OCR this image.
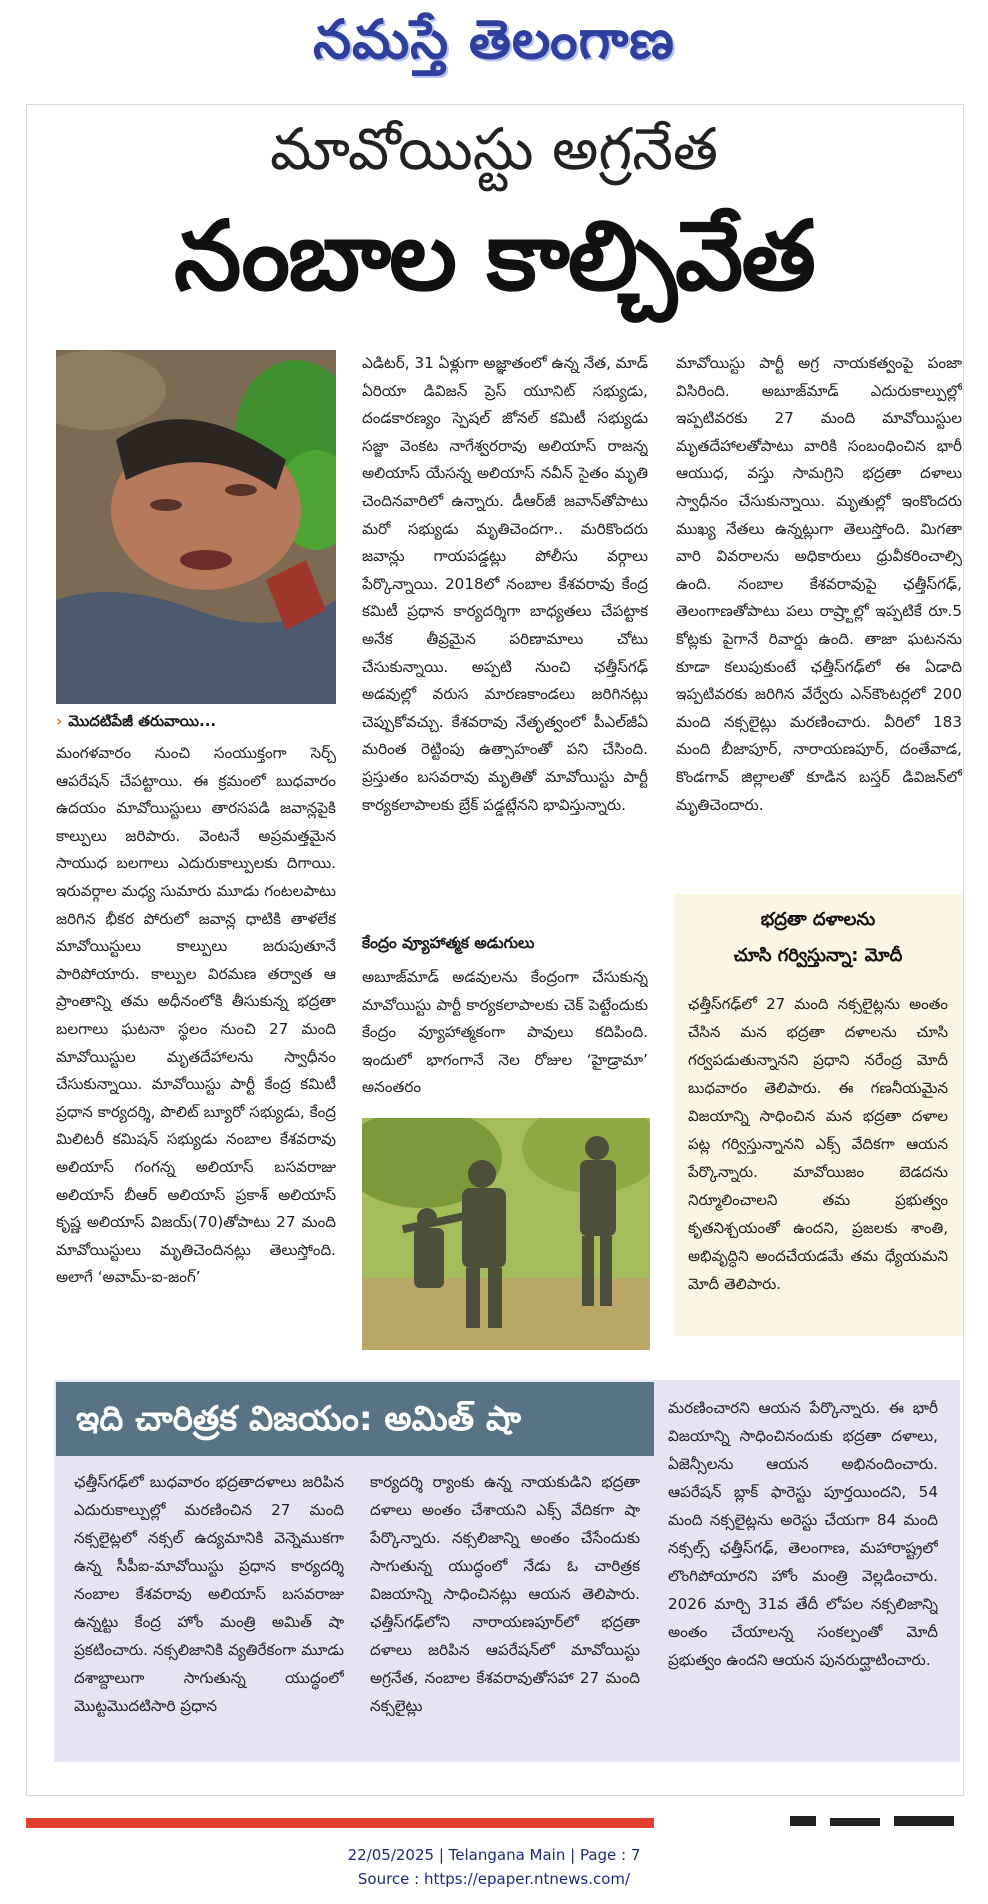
నమస్తే తెలంగాణ
మావోయిస్టు అగ్రనేత
నంబాల కాల్చివేత
› మొదటిపేజీ తరువాయి...

మంగళవారం నుంచి సంయుక్తంగా సెర్చ్ ఆపరేషన్ చేపట్టాయి. ఈ క్రమంలో బుధవారం ఉదయం మావోయిస్టులు తారసపడి జవాన్లపైకి కాల్పులు జరిపారు. వెంటనే అప్రమత్తమైన సాయుధ బలగాలు ఎదురుకాల్పులకు దిగాయి. ఇరువర్గాల మధ్య సుమారు మూడు గంటలపాటు జరిగిన భీకర పోరులో జవాన్ల ధాటికి తాళలేక మావోయిస్టులు కాల్పులు జరుపుతూనే పారిపోయారు. కాల్పుల విరమణ తర్వాత ఆ ప్రాంతాన్ని తమ అధీనంలోకి తీసుకున్న భద్రతా బలగాలు ఘటనా స్థలం నుంచి 27 మంది మావోయిస్టుల మృతదేహాలను స్వాధీనం చేసుకున్నాయి. మావోయిస్టు పార్టీ కేంద్ర కమిటీ ప్రధాన కార్యదర్శి, పొలిట్ బ్యూరో సభ్యుడు, కేంద్ర మిలిటరీ కమిషన్ సభ్యుడు నంబాల కేశవరావు అలియాస్ గంగన్న అలియాస్ బసవరాజు అలియాస్ బీఆర్ అలియాస్ ప్రకాశ్ అలియాస్ కృష్ణ అలియాస్ విజయ్(70)తోపాటు 27 మంది మావోయిస్టులు మృతిచెందినట్లు తెలుస్తోంది. అలాగే ‘అవామ్-ఐ-జంగ్’

ఎడిటర్, 31 ఏళ్లుగా అజ్ఞాతంలో ఉన్న నేత, మాడ్ ఏరియా డివిజన్ ప్రెస్ యూనిట్ సభ్యుడు, దండకారణ్యం స్పెషల్ జోనల్ కమిటీ సభ్యుడు సజ్జా వెంకట నాగేశ్వరరావు అలియాస్ రాజన్న అలియాస్ యేసన్న అలియాస్ నవీన్ సైతం మృతి చెందినవారిలో ఉన్నారు. డీఆర్‌జీ జవాన్‌తోపాటు మరో సభ్యుడు మృతిచెందగా.. మరికొందరు జవాన్లు గాయపడ్డట్లు పోలీసు వర్గాలు పేర్కొన్నాయి. 2018లో నంబాల కేశవరావు కేంద్ర కమిటీ ప్రధాన కార్యదర్శిగా బాధ్యతలు చేపట్టాక అనేక తీవ్రమైన పరిణామాలు చోటు చేసుకున్నాయి. అప్పటి నుంచి ఛత్తీస్‌గఢ్ అడవుల్లో వరుస మారణకాండలు జరిగినట్లు చెప్పుకోవచ్చు. కేశవరావు నేతృత్వంలో పీఎల్‌జీఏ మరింత రెట్టింపు ఉత్సాహంతో పని చేసింది. ప్రస్తుతం బసవరావు మృతితో మావోయిస్టు పార్టీ కార్యకలాపాలకు బ్రేక్ పడ్డట్లేనని భావిస్తున్నారు.

కేంద్రం వ్యూహాత్మక అడుగులు

అబూజ్‌మాడ్ అడవులను కేంద్రంగా చేసుకున్న మావోయిస్టు పార్టీ కార్యకలాపాలకు చెక్ పెట్టేందుకు కేంద్రం వ్యూహాత్మకంగా పావులు కదిపింది. ఇందులో భాగంగానే నెల రోజుల ‘హైడ్రామా’ అనంతరం

మావోయిస్టు పార్టీ అగ్ర నాయకత్వంపై పంజా విసిరింది. అబూజ్‌మాడ్ ఎదురుకాల్పుల్లో ఇప్పటివరకు 27 మంది మావోయిస్టుల మృతదేహాలతోపాటు వారికి సంబంధించిన భారీ ఆయుధ, వస్తు సామగ్రిని భద్రతా దళాలు స్వాధీనం చేసుకున్నాయి. మృతుల్లో ఇంకొందరు ముఖ్య నేతలు ఉన్నట్లుగా తెలుస్తోంది. మిగతా వారి వివరాలను అధికారులు ధ్రువీకరించాల్సి ఉంది. నంబాల కేశవరావుపై ఛత్తీస్‌గఢ్, తెలంగాణతోపాటు పలు రాష్ర్టాల్లో ఇప్పటికే రూ.5 కోట్లకు పైగానే రివార్డు ఉంది. తాజా ఘటనను కూడా కలుపుకుంటే ఛత్తీస్‌గఢ్‌లో ఈ ఏడాది ఇప్పటివరకు జరిగిన వేర్వేరు ఎన్‌కౌంటర్లలో 200 మంది నక్సలైట్లు మరణించారు. వీరిలో 183 మంది బీజాపూర్, నారాయణపూర్, దంతేవాడ, కొండగావ్ జిల్లాలతో కూడిన బస్తర్ డివిజన్‌లో మృతిచెందారు.

భద్రతా దళాలను
చూసి గర్విస్తున్నా: మోదీ
ఛత్తీస్‌గఢ్‌లో 27 మంది నక్సలైట్లను అంతం చేసిన మన భద్రతా దళాలను చూసి గర్వపడుతున్నానని ప్రధాని నరేంద్ర మోదీ బుధవారం తెలిపారు. ఈ గణనీయమైన విజయాన్ని సాధించిన మన భద్రతా దళాల పట్ల గర్విస్తున్నానని ఎక్స్ వేదికగా ఆయన పేర్కొన్నారు. మావోయిజం బెడదను నిర్మూలించాలని తమ ప్రభుత్వం కృతనిశ్చయంతో ఉందని, ప్రజలకు శాంతి, అభివృద్ధిని అందచేయడమే తమ ధ్యేయమని మోదీ తెలిపారు.
ఇది చారిత్రక విజయం: అమిత్ షా

ఛత్తీస్‌గఢ్‌లో బుధవారం భద్రతాదళాలు జరిపిన ఎదురుకాల్పుల్లో మరణించిన 27 మంది నక్సలైట్లలో నక్సల్ ఉద్యమానికి వెన్నెముకగా ఉన్న సీపీఐ-మావోయిస్టు ప్రధాన కార్యదర్శి నంబాల కేశవరావు అలియాస్ బసవరాజు ఉన్నట్టు కేంద్ర హోం మంత్రి అమిత్ షా ప్రకటించారు. నక్సలిజానికి వ్యతిరేకంగా మూడు దశాబ్దాలుగా సాగుతున్న యుద్ధంలో మొట్టమొదటిసారి ప్రధాన

కార్యదర్శి ర్యాంకు ఉన్న నాయకుడిని భద్రతా దళాలు అంతం చేశాయని ఎక్స్ వేదికగా షా పేర్కొన్నారు. నక్సలిజాన్ని అంతం చేసేందుకు సాగుతున్న యుద్ధంలో నేడు ఓ చారిత్రక విజయాన్ని సాధించినట్లు ఆయన తెలిపారు. ఛత్తీస్‌గఢ్‌లోని నారాయణపూర్‌లో భద్రతా దళాలు జరిపిన ఆపరేషన్‌లో మావోయిస్టు అగ్రనేత, నంబాల కేశవరావుతోసహా 27 మంది నక్సలైట్లు

మరణించారని ఆయన పేర్కొన్నారు. ఈ భారీ విజయాన్ని సాధించినందుకు భద్రతా దళాలు, ఏజెన్సీలను ఆయన అభినందించారు. ఆపరేషన్ బ్లాక్ ఫారెస్టు పూర్తయిందని, 54 మంది నక్సలైట్లను అరెస్టు చేయగా 84 మంది నక్సల్స్ ఛత్తీస్‌గఢ్, తెలంగాణ, మహారాష్ట్రలో లొంగిపోయారని హోం మంత్రి వెల్లడించారు. 2026 మార్చి 31వ తేదీ లోపల నక్సలిజాన్ని అంతం చేయాలన్న సంకల్పంతో మోదీ ప్రభుత్వం ఉందని ఆయన పునరుద్ఘాటించారు.

22/05/2025 | Telangana Main | Page : 7
Source : https://epaper.ntnews.com/
